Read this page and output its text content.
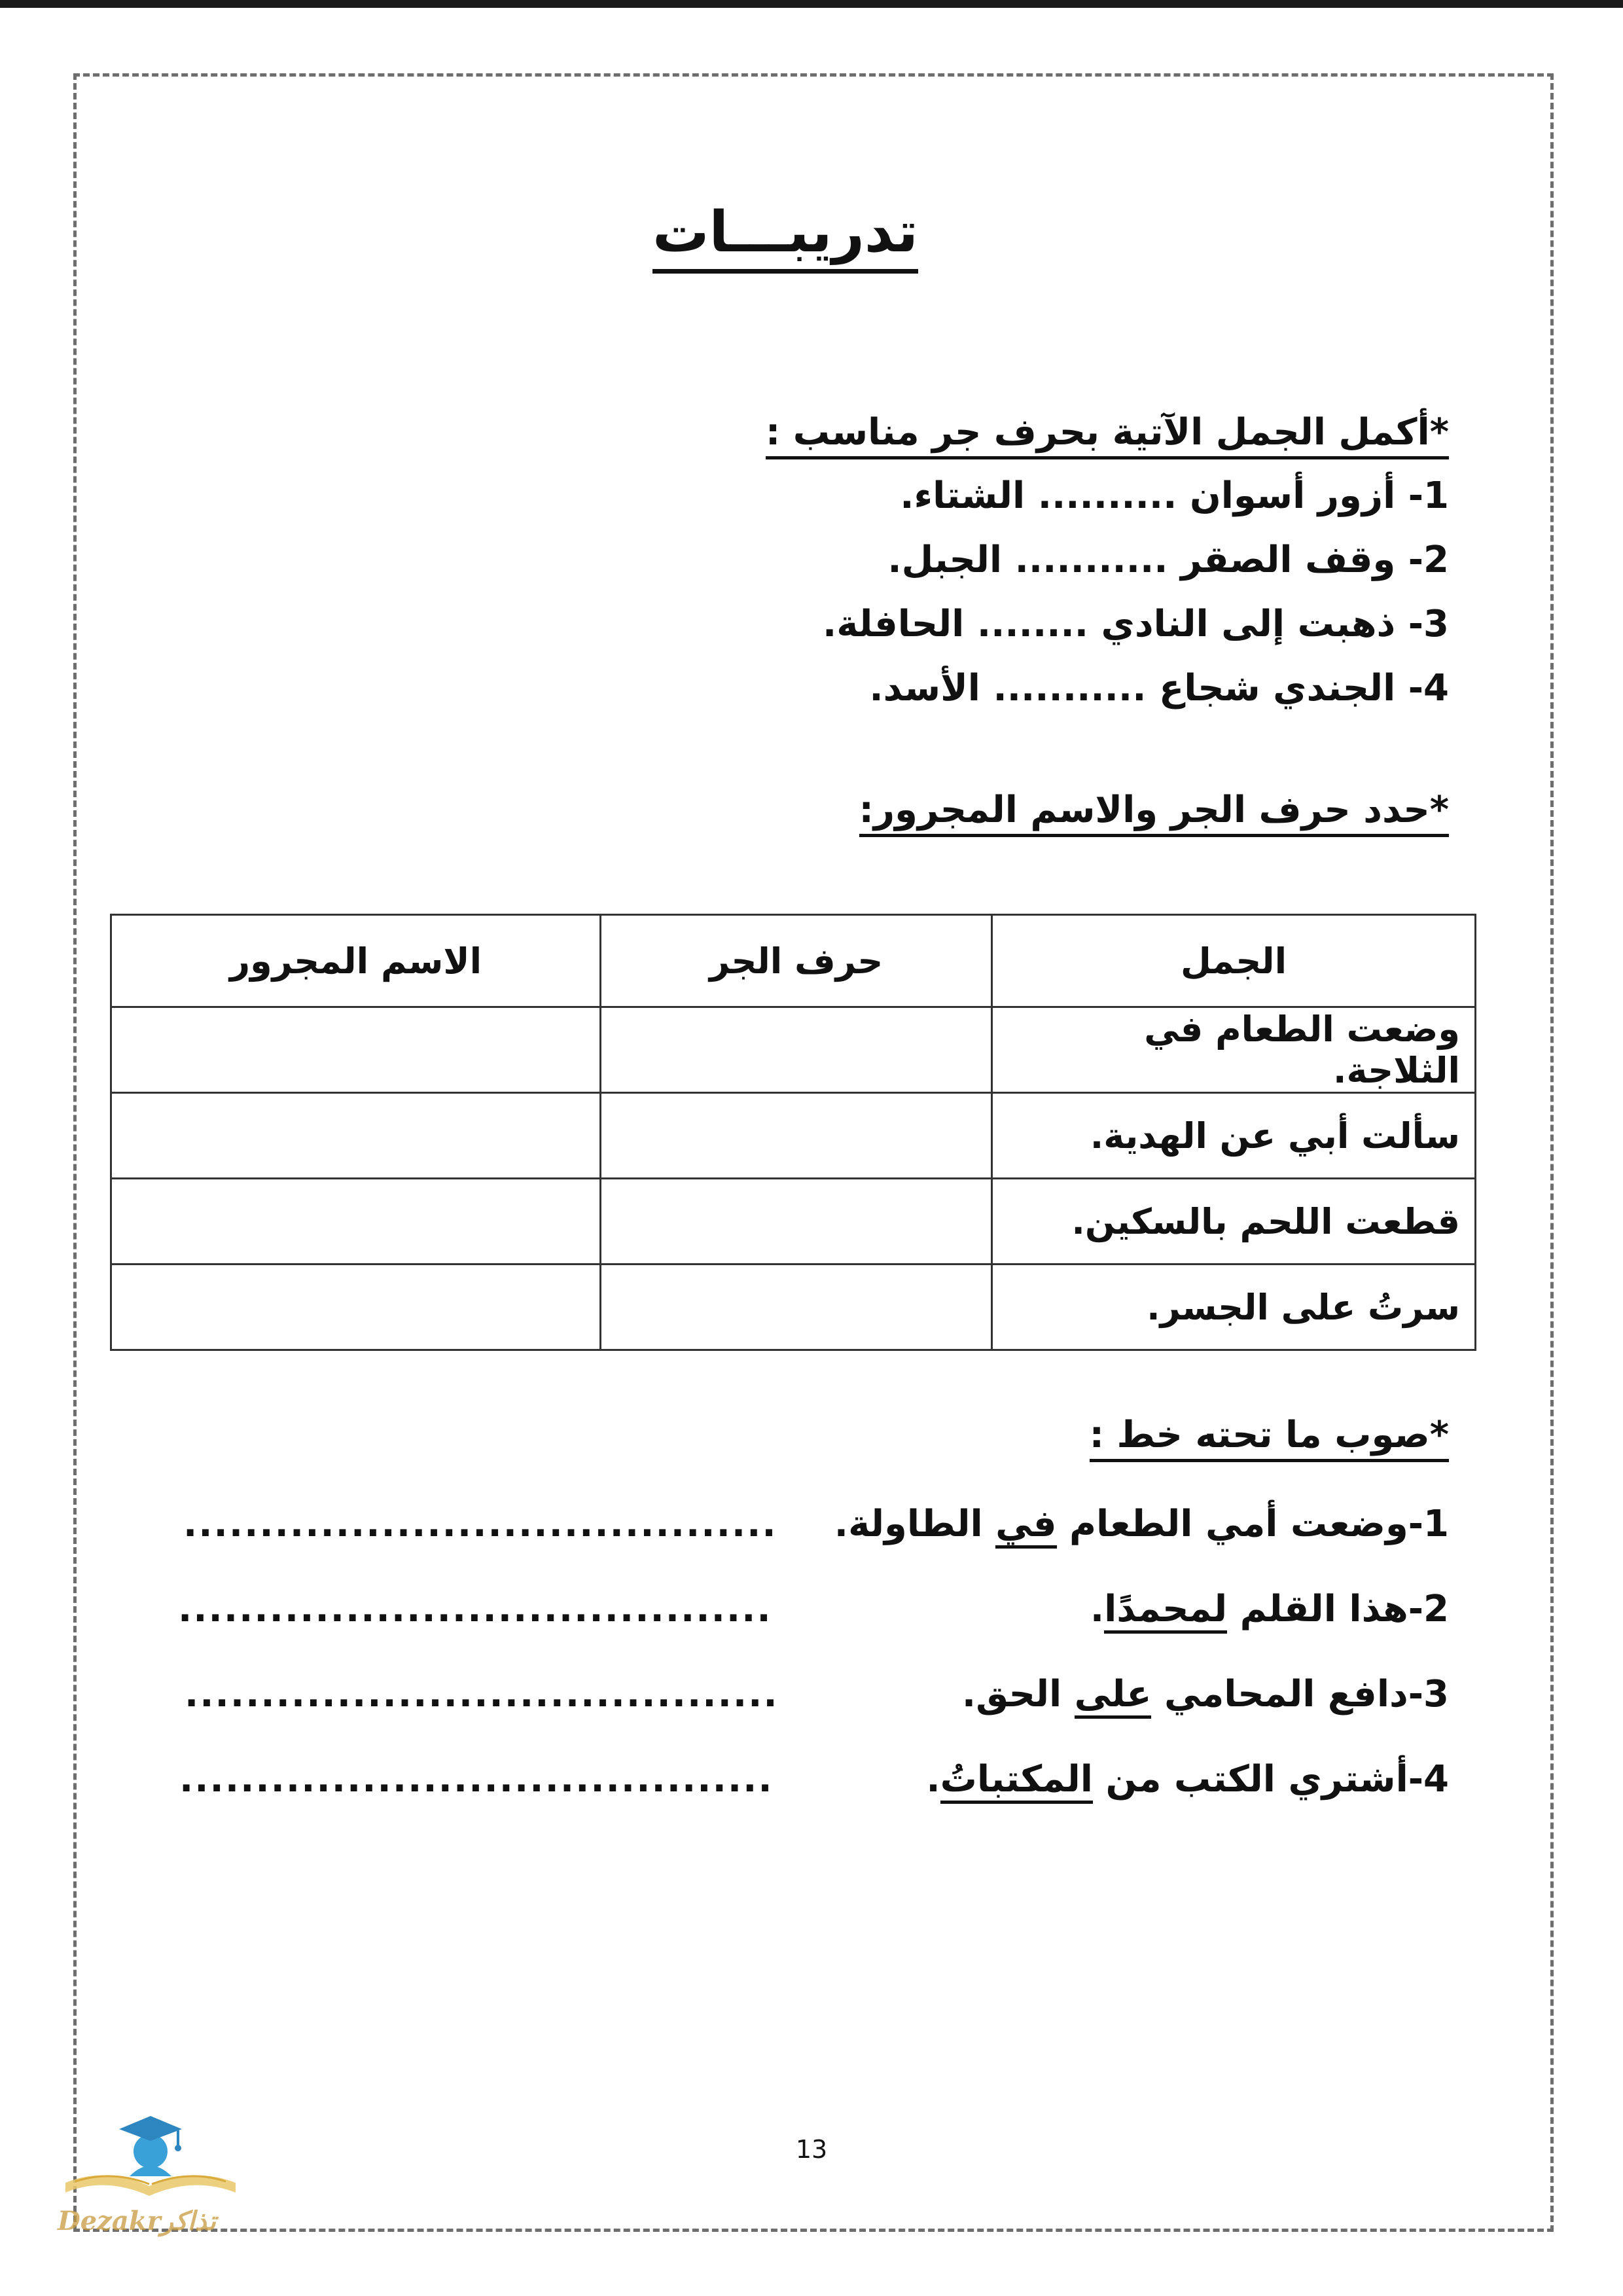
تدريبـــات
*أكمل الجمل الآتية بحرف جر مناسب :
1- أزور أسوان .......... الشتاء.
2- وقف الصقر ........... الجبل.
3- ذهبت إلى النادي ........ الحافلة.
4- الجندي شجاع ........... الأسد.
*حدد حرف الجر والاسم المجرور:
الجمل	حرف الجر	الاسم المجرور
وضعت الطعام في الثلاجة.		
سألت أبي عن الهدية.		
قطعت اللحم بالسكين.		
سرتُ على الجسر.		
*صوب ما تحته خط :
1-وضعت أمي الطعام في الطاولة.
.......................................
2-هذا القلم لمحمدًا.
.......................................
3-دافع المحامي على الحق.
.......................................
4-أشتري الكتب من المكتباتُ.
.......................................
13
Dezakrتذاكر
